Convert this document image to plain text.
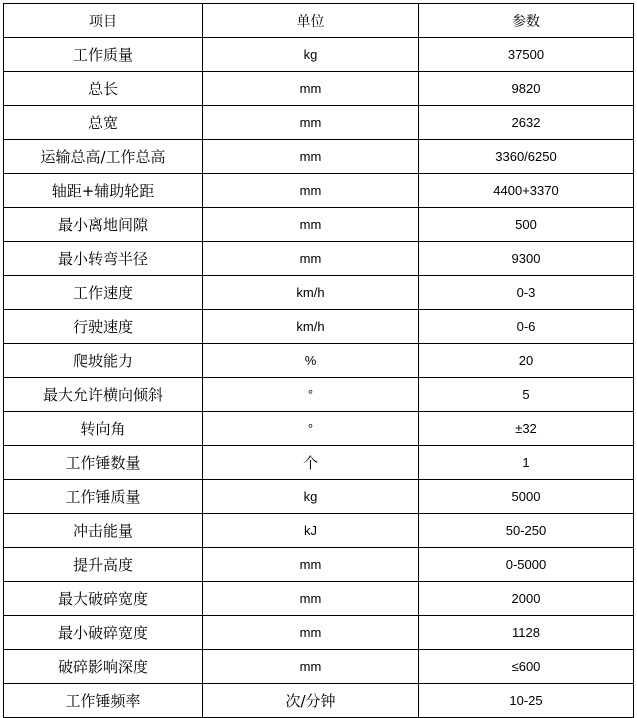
项目	单位	参数
工作质量	kg	37500
总长	mm	9820
总宽	mm	2632
运输总高/工作总高	mm	3360/6250
轴距+辅助轮距	mm	4400+3370
最小离地间隙	mm	500
最小转弯半径	mm	9300
工作速度	km/h	0-3
行驶速度	km/h	0-6
爬坡能力	%	20
最大允许横向倾斜	°	5
转向角	°	±32
工作锤数量	个	1
工作锤质量	kg	5000
冲击能量	kJ	50-250
提升高度	mm	0-5000
最大破碎宽度	mm	2000
最小破碎宽度	mm	1128
破碎影响深度	mm	≤600
工作锤频率	次/分钟	10-25
